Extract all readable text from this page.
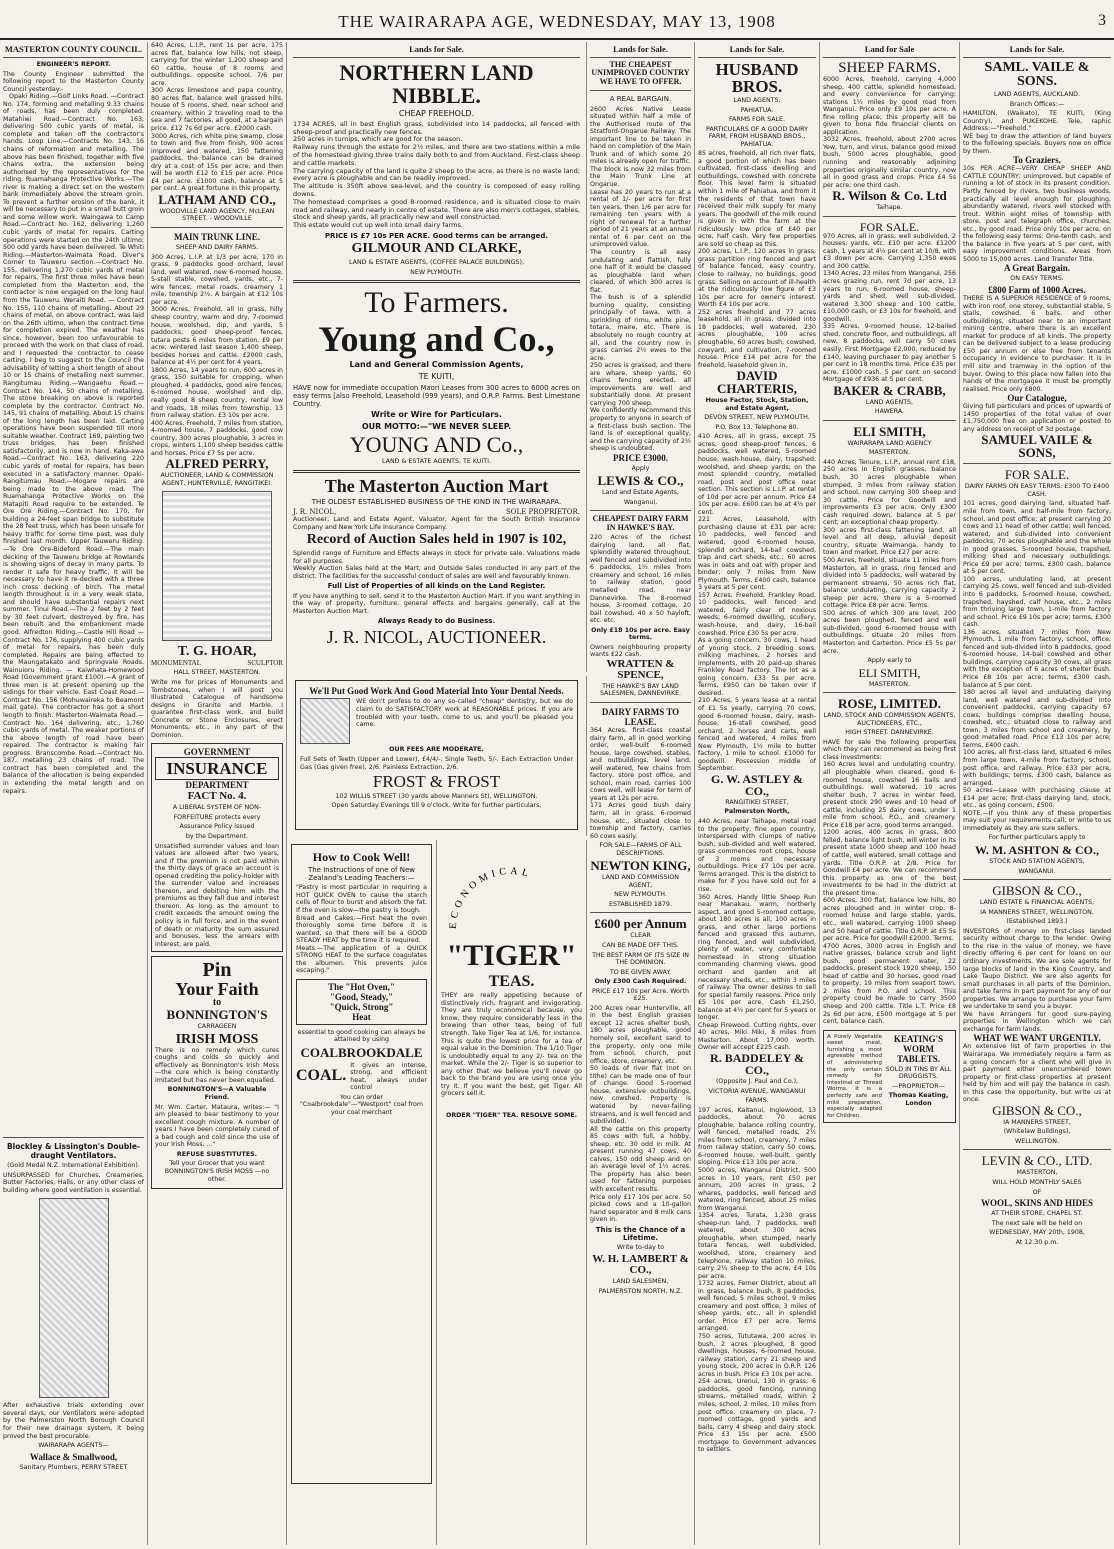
THE WAIRARAPA AGE, WEDNESDAY, MAY 13, 1908	3
MASTERTON COUNTY COUNCIL.
ENGINEER'S REPORT.
The County Engineer submitted the following report to the Masterton County Council yesterday:-
Opaki Riding.—Golf Links Road. —Contract No. 174, forming and metalling 9.33 chains of roads, has been duly completed. Matahiwi Road.—Contract No. 163, delivering 500 cubic yards of metal, is complete and taken off the contractor's hands. Loop Line.—Contracts No. 143, 16 chains of reformation and metalling. The above has been finished, together with five chains extra, the extension being authorised by the representatives for the riding. Ruamahanga Protective Works.—The river is making a direct set on the western bank immediately above the stream groin. To prevent a further erosion of the bank, it will be necessary to put in a small butt groin and some willow work. Waingawa to Camp Road.—Contract No. 162, delivering 1,260 cubic yards of metal for repairs. Carting operations were started on the 24th ultimo; 500 odd yards have been delivered. Te Whiti Riding.—Masterton-Waimata Road. Diver's Corner to Tauweru section.—Contract No. 155, delivering 1,270 cubic yards of metal for repairs. The first three miles have been completed from the Masterton end, the contractor is now engaged on the long haul from the Tauweru. Weraiti Road. — Contract No. 155, 110 chains of metalling. About 29 chains of metal, on above contract, was laid on the 26th ultimo, when the contract time for completion expired. The weather has since, however, been too unfavourable to proceed with the work on that class of road, and I requested the contractor to cease carting. I beg to suggest to the Council the advisability of letting a short length of about 10 or 15 chains of metalling next summer. Rangitumau Riding.—Wangaehu Road.—Contract No. 144, 50 chains of metalling. The stone breaking on above is reported complete by the contractor. Contract No. 145, 91 chains of metalling. About 15 chains of the long length has been laid. Carting operations have been suspended till more suitable weather. Contract 169, painting two truss bridges, has been finished satisfactorily, and is now in hand. Kaka-awa Road.—Contract No. 163, delivering 220 cubic yards of metal for repairs, has been executed in a satisfactory manner. Opaki-Rangitumau Road.—Mogare repairs are being made to the above road. The Ruamahanga Protective Works on the Matapiti Road require to be extended. Te Ore Ore Riding.—Contract No. 170, for building a 24-feet span bridge to substitute the 28 feet truss, which has been unsafe for heavy traffic for some time past, was duly finished last month. Upper Tauweru Riding.—Te Ore Ore-Bideford Road.—The main decking of the Tauweru bridge at Rowlands is showing signs of decay in many parts. To render it safe for heavy traffic, it will be necessary to have it re-decked with a three inch cross decking of birch. The metal length throughout is in a very weak state, and should have substantial repairs next summer. Tinui Road.—The 2 feet by 2 feet by 30 feet culvert, destroyed by fire, has been rebuilt and the embankment made good. Alfredton Riding.—Castle Hill Road —Contract No. 176, supplying 400 cubic yards of metal for repairs, has been duly completed. Repairs are being effected to the Maungatakato and Springvale Roads. Wainuioru Riding. — Kaiwhata-Homewood Road (Government grant £100).—A grant of three men is at present opening up the sidings for their vehicle. East Coast Road.—Contract No. 156 (Mohuwaireka to Beamont mail gate). The contractor has got a short length to finish. Masterton-Waimata Road.—Contract No. 164 delivering, etc., 1,760 cubic yards of metal. The weaker portions of the above length of road have been repaired. The contractor is making fair progress. Branscombe Road.—Contract No. 187, metalling 23 chains of road. The contract has been completed and the balance of the allocation is being expended in extending the metal length and on repairs.
Blockley & Lissington's Double-draught Ventilators.
(Gold Medal N.Z. International Exhibition).
UNSURPASSED for Churches, Creameries, Butter Factories, Halls, or any other class of building where good ventilation is essential.
After exhaustive trials extending over several days, our Ventilators were adopted by the Palmerston North Borough Council for their new drainage system, it being proved the best procurable.
WAIRARAPA AGENTS—
Wallace & Smallwood,
Sanitary Plumbers, PERRY STREET
640 Acres, L.I.P., rent 1s per acre, 175 acres flat, balance low hills, not steep, carrying for the winter 1,200 sheep and 60 cattle, house of 8 rooms and outbuildings, opposite school. 7/6 per acre.
300 Acres limestone and papa country, 80 acres flat, balance well grassed hills, house of 5 rooms, shed, near school and creamery, within 2 traveling road to the sea and 7 factories, all good, at a bargain price. £12 7s 6d per acre. £2000 cash.
3000 Acres, rich white pine swamp, close to town and five from finish, 900 acres improved and watered, 150 fattening paddocks, the balance can be drained dry at a cost of 15s per acre, and then will be worth £12 to £15 per acre. Price £4 per acre. £1000 cash, balance at 5 per cent. A great fortune in this property.
LATHAM AND CO.,
WOODVILLE LAND AGENCY, McLEAN STREET. - WOODVILLE
MAIN TRUNK LINE.
SHEEP AND DAIRY FARMS.
300 Acres, L.I.P. at 1/3 per acre, 170 in grass, 9 paddocks good orchard, level land, well watered, new 6-roomed house, 5-stall stable, cowshed, yards, etc., 7-wire fences, metal roads, creamery 1 mile, township 2½. A bargain at £12 10s per acre.
3000 Acres, Freehold, all in grass, hilly sheep country, warm and dry, 7-roomed house, woolshed, dip, and yards, 5 paddocks, good sheep-proof fences, tutara posts 6 miles from station, £9 per acre; wintered last season 1,400 sheep, besides horses and cattle. £2000 cash, balance at 4½ per cent for 4 years.
1800 Acres, 14 years to run, 600 acres in grass, 150 suitable for cropping, when ploughed, 4 paddocks, good wire fences, 6-roomed house, woolshed and dip, really good 8 sheep country, rental low and roads, 18 miles from township, 13 from railway station. £3 10s per acre.
400 Acres, Freehold, 7 miles from station, 4-roomed house, 7 paddocks, good cow country, 300 acres ploughable, 3 acres in crops, winters 1,100 sheep besides cattle and horses. Price £7 5s per acre.
ALFRED PERRY,
AUCTIONEER, LAND & COMMISSION AGENT, HUNTERVILLE, RANGITIKEI.
T. G. HOAR,
MONUMENTAL	SCULPTOR
HALL STREET, MASTERTON.
Write me for prices of Monuments and Tombstones, when I will post you Illustrated Catalogue of handsome designs in Granite and Marble. I guarantee first-class work, and build Concrete or Stone Enclosures, erect Monuments, etc., in any part of the Dominion.
GOVERNMENT
INSURANCE
DEPARTMENT
FACT No. 4.
A LIBERAL SYSTEM OF NON-
FORFEITURE protects every
Assurance Policy issued
by the Department.
Unsatisfied surrender values and loan values are allowed after two years, and if the premium is not paid within the thirty days of grace an account is opened crediting the policy-holder with the surrender value and increases thereon, and debiting him with the premiums as they fall due and interest thereon. As long as the amount to credit exceeds the amount owing the policy is in full force, and in the event of death or maturity the sum assured and bonuses, less the arrears with interest, are paid.
Pin
Your Faith
to
BONNINGTON'S
CARRAGEEN
IRISH MOSS
There is no remedy which cures coughs and colds so quickly and effectively as Bonnington's Irish Moss—the cure which is being constantly imitated but has never been equalled.
BONNINGTON'S—A Valuable Friend.
Mr. Wm. Carter, Mataura, writes:— "I am pleased to bear testimony to your excellent cough mixture. A number of years I have been completely cured of a bad cough and cold since the use of your Irish Moss. ..."
REFUSE SUBSTITUTES.
Tell your Grocer that you want BONNINGTON'S IRISH MOSS —no other.
Lands for Sale.
NORTHERN LAND NIBBLE.
CHEAP FREEHOLD.
1734 ACRES, all in best English grass, subdivided into 14 paddocks, all fenced with sheep-proof and practically new fences.
250 acres in turnips, which are good for the season.
Railway runs through the estate for 2½ miles, and there are two stations within a mile of the homestead giving three trains daily both to and from Auckland. First-class sheep and cattle markets.
The carrying capacity of the land is quite 2 sheep to the acre, as there is no waste land; every acre is ploughable and can be readily improved.
The altitude is 350ft above sea-level, and the country is composed of easy rolling downs.
The homestead comprises a good 8-roomed residence, and is situated close to main road and railway, and nearly in centre of estate. There are also men's cottages, stables, stock and sheep yards, all practically new and well constructed.
This estate would cut up well into small dairy farms.
PRICE IS £7 10s PER ACRE. Good terms can be arranged.
GILMOUR AND CLARKE,
LAND & ESTATE AGENTS, (COFFEE PALACE BUILDINGS),
NEW PLYMOUTH.
To Farmers.
Young and Co.,
Land and General Commission Agents,
TE KUITI,
HAVE now for immediate occupation Maori Leases from 300 acres to 6000 acres on easy terms [also Freehold, Leasehold (999 years), and O.R.P. Farms. Best Limestone Country.
Write or Wire for Particulars.
OUR MOTTO:—"WE NEVER SLEEP.
YOUNG AND Co.,
LAND & ESTATE AGENTS, TE KUITI.
The Masterton Auction Mart
THE OLDEST ESTABLISHED BUSINESS OF THE KIND IN THE WAIRARAPA.
J. R. NICOL,	SOLE PROPRIETOR.
Auctioneer, Land and Estate Agent, Valuator, Agent for the South British Insurance Company and New York Life Insurance Company.
Record of Auction Sales held in 1907 is 102,
Splendid range of Furniture and Effects always in stock for private sale. Valuations made for all purposes.
Weekly Auction Sales held at the Mart, and Outside Sales conducted in any part of the district. The facilities for the successful conduct of sales are well and favourably known.
Full List of Properties of all kinds on the Land Register.
If you have anything to sell, send it to the Masterton Auction Mart. If you want anything in the way of property, furniture, general effects and bargains generally, call at the Masterton Auction Mart.
Always Ready to do Business.
J. R. NICOL, AUCTIONEER.
We'll Put Good Work And Good Material Into Your Dental Needs.
WE don't profess to do any so-called "cheap" dentistry, but we do claim to do SATISFACTORY work at REASONABLE prices. If you are troubled with your teeth, come to us, and you'll be pleased you came.
OUR FEES ARE MODERATE.
Full Sets of Teeth (Upper and Lower), £4/4/-. Single Teeth, 5/-. Each Extraction Under Gas (Gas given free), 2/6. Painless Extraction, 2/6.
FROST & FROST
102 WILLIS STREET (30 yards above Manners St), WELLINGTON.
Open Saturday Evenings till 9 o'clock. Write for further particulars.
How to Cook Well!
The Instructions of one of New Zealand's Leading Teachers:—
"Pastry is most particular in requiring a HOT QUICK OVEN to cause the starch cells of flour to burst and absorb the fat. If the oven is slow—the pastry is tough.
Bread and Cakes.—First heat the oven thoroughly some time before it is wanted, so that there will be a GOOD STEADY HEAT by the time it is required.
Meats.—The application of a QUICK STRONG HEAT to the surface coagulates the albumen. This prevents juice escaping."
The "Hot Oven,"
"Good, Steady,"
"Quick, Strong"
Heat
essential to good cooking can always be attained by using
COALBROOKDALE
COAL.
It gives an intense, strong, and efficient heat, always under control
You can order "Coalbrookdale"—"Westport" coal from your coal merchant
ECONOMICAL
"TIGER"
TEAS.
THEY are really appetising because of distinctively rich, fragrant and invigorating. They are truly economical because, you know, they require considerably less in the brewing than other teas, being of full strength. Take Tiger Tea at 1/6, for instance. This is quite the lowest price for a tea of equal value in the Dominion. The 1/10 Tiger is undoubtedly equal to any 2/- tea on the market. While the 2/- Tiger is so superior to any other that we believe you'll never go back to the brand you are using once you try it. If you want the best, get Tiger. All grocers sell it.
ORDER "TIGER" TEA. RESOLVE SOME.
Lands for Sale.
THE CHEAPEST UNIMPROVED COUNTRY WE HAVE TO OFFER.
A REAL BARGAIN.
2600 Acres Native Lease situated within half a mile of the Authorised route of the Stratford-Ongarue Railway. The important line to be taken in hand on completion of the Main Trunk and of which some 20 miles is already open for traffic. The block is now 32 miles from the Main Trunk Line at Ongarue.
Lease has 20 years to run at a rental of 1/- per acre for first ten years, then 1/6 per acre for remaining ten years with a right of renewal for a further period of 21 years at an annual rental of 6 per cent on the unimproved value.
The country is all easy undulating and flattish, fully one half of it would be classed as ploughable land when cleared, of which 300 acres is flat.
The bush is of a splendid burning quality, consisting principally of tawa, with a sprinkling of rimu, white pine, totara, maire, etc. There is absolutely no rough country at all, and the country now in grass carries 2½ ewes to the acre.
250 acres is grassed, and there are whare, sheep yards, 60 chains fencing erected, all improvements are well and substantially done. At present carrying 700 sheep.
We confidently recommend this property to anyone in search of a first-class bush section. The land is of exceptional quality, and the carrying capacity of 2½ sheep is undoubted.
PRICE £3000.
Apply
LEWIS & CO.,
Land and Estate Agents,
Wanganui,
CHEAPEST DAIRY FARM IN HAWKE'S BAY.
220 Acres of the richest dairying land, all flat, splendidly watered throughout, well fenced and subdivided into 6 paddocks, 1½ miles from creamery and school, 16 miles to railway station, good metalled road, near Dannevirke. The 8-roomed house, 3-roomed cottage, 20 bail cowshed, 40 x 50 hayloft, etc. etc.
Only £18 10s per acre. Easy terms.
Owners neighbouring property wants £22 cash.
WRATTEN & SPENCE,
THE HAWKE'S BAY LAND SALESMEN, DANNEVIRKE.
DAIRY FARMS TO LEASE.
364 Acres, first-class coastal dairy farm, all in good working order, well-built 6-roomed house, large cowshed, stables, and outbuildings, level land, well watered, few chains from factory, store post office, and school, main road, carries 100 cows well, will lease for term of years at 12s per acre.
171 Acres good bush dairy farm, all in grass, 6-roomed house, etc., situated close to township and factory, carries 60 cows easily.
FOR SALE—FARMS OF ALL DESCRIPTIONS.
NEWTON KING,
LAND AND COMMISSION AGENT,
NEW PLYMOUTH.
ESTABLISHED 1879.
£600 per Annum
CLEAR
CAN BE MADE OFF THIS.
THE BEST FARM OF ITS SIZE IN THE DOMINION.
TO BE GIVEN AWAY.
Only £300 Cash Required.
PRICE £17 10s per Acre. Worth £25.
200 Acres near Hunterville, all in the best English grasses except 12 acres shelter bush, 180 acres ploughable, good homely soil, excellent sand to the property, only one mile from school, church, post office, store, creamery, etc.
50 loads of river flat (not on tithe) can be made one of four of change. Good 5-roomed house, extensive outbuildings, new cowshed. Property is watered by never-failing streams, and is well fenced and subdivided.
All the cattle on this property 85 cows with full, a hobby, sheep, etc. 30 odd in milk. At present running 47 cows, 40 calves, 150 odd sheep and on an average level of 1½ acres. The property has also been used for fattening purposes with excellent results.
Price only £17 10s per acre. 50 picked cows and a 10-gallon hand separator and 8 milk cans given in.
This is the Chance of a Lifetime.
Write to-day to
W. H. LAMBERT & CO.,
LAND SALESMEN,
PALMERSTON NORTH, N.Z.
Lands for Sale.
HUSBAND BROS.
LAND AGENTS,
PAHIATUA.
FARMS FOR SALE.
PARTICULARS OF A GOOD DAIRY FARM, FROM HUSBAND BROS., PAHIATUA.
85 acres, freehold, all rich river flats, a good portion of which has been cultivated, first-class dwelling and outbuildings, cowshed with concrete floor. This level farm is situated within 1 mile of Pahiatua, and from it the residents of that town have received their milk supply for many years. The goodwill of the milk round is given in with the farm at the ridiculously low price of £40 per acre, half cash. Very few properties are sold so cheap as this.
200 acres, L.I.P., 120 acres in grass, grass partition ring fenced and part of balance fenced, easy country, close to railway, no buildings, good grass. Selling on account of ill-health at the ridiculously low figure of £3 10s per acre for owner's interest. Worth £4 10s per acre.
252 acres freehold and 77 acres leasehold, all in grass, divided into 18 paddocks, well watered, 230 acres ploughable, 100 acres ploughable, 60 acres bush, cowshed, cowyard, and cultivation, 7-roomed house. Price £14 per acre for the freehold, leasehold given in.
DAVID CHARTERIS,
House Factor, Stock, Station, and Estate Agent,
DEVON STREET, NEW PLYMOUTH.
P.O. Box 13. Telephone 80.
410 Acres, all in grass, except 75 acres, good sheep-proof fences, 6 paddocks, well watered, 5-roomed house, wash-house, dairy, trapshed, woolshed, and sheep yards; on the most splendid country, metalled road, post and post office near section. This section is L.I.P. at rental of 10d per acre per annum. Price £4 10s per acre. £600 can be at 4½ per cent.
221 Acres, Leasehold, with purchasing clause at £31 per acre; 10 paddocks, well fenced and watered, good 6-roomed house, splendid orchard, 14-bail cowshed, trap and cart sheds, etc.; 60 acres was in oats and oat with proper and binder; only 7 miles from New Plymouth. Terms, £400 cash, balance 3 years at 5 per cent.
157 Acres, Freehold, Frankley Road, 10 paddocks, well fenced and watered, fairly clear of noxious weeds; 6-roomed dwelling, scullery, wash-house, and dairy, 16-bail cowshed. Price £30 5s per acre.
As a going concern, 30 cows, 1 head of young stock, 2 breeding sows, milking machines, 2 horses and implements, with 20 paid-up shares Frankley Road factory. The lot as a going concern, £33 5s per acre. Terms, £950 can be taken over if desired.
210 Acres, 5 years lease at a rental of £1 5s yearly, carrying 70 cows, good 6-roomed house, dairy, wash-house, 16-stall cowshed, good orchard, 2 horses and carts, well fenced and watered, 4 miles from New Plymouth, 1½ mile to butter factory, 1 mile to school. £1000 for goodwill. Possession middle of September.
G. W. ASTLEY & CO.,
RANGITIKEI STREET,
Palmerston North,
440 Acres, near Taihape, metal road to the property, fine open country, interspersed with clumps of native bush, sub-divided and well watered, grass commences root crops, house of 3 rooms and necessary outbuildings. Price £7 10s per acre. Terms arranged. This is the district to make for if you have sold out for a rise.
360 Acres, Handy little Sheep Run near Manakau, warm, northerly aspect, and good 5-roomed cottage, about 180 acres is all, 100 acres in grass, and other large portions fenced and grassed this autumn, ring fenced, and well subdivided, plenty of water, very comfortable homestead in strong situation commanding charming views, good orchard and garden and all necessary sheds, etc., within 3 miles of railway. The owner desires to sell for special family reasons. Price only £5 10s per acre. Cash £1,250, balance at 4½ per cent for 5 years or longer.
Cheap Firewood. Cutting rights, over 40 acres, Miki Miki, 8 miles from Masterton. About 17,000 worth. Owner will accept £225 cash.
R. BADDELEY & CO.,
(Opposite J. Paul and Co.),
VICTORIA AVENUE, WANGANUI
FARMS.
197 acres, Kaitanui, Inglewood, 13 paddocks, about 70 acres ploughable, balance rolling country, well fenced, metalled roads, 2½ miles from school, creamery, 7 miles from railway station, carry 50 cows, 6-roomed house, well-built, gently sloping. Price £13 10s per acre.
5000 acres, Wanganui District, 500 acres in 10 years, rent £50 per annum, 200 acres in grass, 2 whares, paddocks, well fenced and watered, ring fenced, about 25 miles from Wanganui.
1354 acres, Turata, 1,230 grass sheep-run land, 7 paddocks, well watered, about 300 acres ploughable, when stumped, nearly totara fences, well subdivided, woolshed, store, creamery and telephone, railway station 10 miles, carry 2¼ sheep to the acre, £4 10s per acre.
1732 acres, Ferner District, about all in grass, balance bush, 8 paddocks, well fenced, 5 miles school, 9 miles creamery and post office, 3 miles of sheep yards, etc., all in splendid order. Price £7 per acre. Terms arranged.
750 acres, Tututawa, 200 acres in bush, 2 acres ploughed, 8 good dwellings, houses, 6-roomed house, railway station, carry 21 sheep and young stock, 200 acres in O.R.P. 126 acres in bush. Price £3 10s per acre.
254 acres, Urenui, 130 in grass, 6 paddocks, good fencing, running streams, metalled roads, within 2 miles, school, 2 miles, 10 miles from post office, creamery on place, 7-roomed cottage, good yards and bails, carry 4 sheep and dairy stock. Price £3 15s per acre. £500 mortgage to Government advances to settlers.
Land for Sale
SHEEP FARMS.
6000 Acres, freehold, carrying 4,000 sheep, 400 cattle, splendid homestead, and every convenience for carrying; stations 1½ miles by good road from Wanganui. Price only £9 10s per acre. A fine rolling place; this property will be given to bona fide financial clients on application.
3032 Acres, freehold, about 2700 acres Yew, turn, and virus, balance good mixed bush, 5000 acres ploughable, good running and reasonably adjoining properties originally similar country, now all in good grass and crops. Price £4 5s per acre; one third cash.
R. Wilson & Co. Ltd
Taihape.
FOR SALE.
970 Acres, all in grass, well subdivided, 2 houses, yards, etc. £10 per acre. £1200 cash, 1 years at 4½ per cent at 10/8, with £3 down per acre. Carrying 1,350 ewes and 300 cattle.
1340 Acres, 23 miles from Wanganui, 256 acres grazing run, rent 7d per acre, 13 years to run, 6-roomed house, sheep-yards and shed, well sub-divided, watered 3,300 sheep and 100 cattle, £10,000 cash, or £3 10s for freehold, and goodwill.
335 Acres, 9-roomed house, 12-bailed shed, concrete floor, and outbuildings, all new, 8 paddocks, will carry 50 cows easily. First Mortgage £2,000, reduced by £140, leaving purchaser to pay another 5 per cent in 18 months time. Price £35 per acre. £1000 cash. 5 per cent on second Mortgage of £936 at 5 per cent.
BAKER & CRABB,
LAND AGENTS,
HAWERA.
ELI SMITH,
WAIRARAPA LAND AGENCY
MASTERTON.
440 Acres, Tenure, L.I.P., annual rent £18, 250 acres in English grasses, balance bush, 30 acres ploughable when stumped, 3 miles from railway station and school, now carrying 300 sheep and 30 cattle. Price for Goodwill and improvements £3 per acre. Only £300 cash required down, balance at 5 per cent; an exceptional cheap property.
300 acres first-class fattening land, all level and all deep, alluvial deposit country, situate Waimanga, handy to town and market. Price £27 per acre.
500 Acres, freehold, situate 11 miles from Masterton, all in grass, ring fenced and divided into 5 paddocks, well watered by permanent streams, 50 acres rich flat, balance undulating, carrying capacity 2 sheep per acre, there is a 5-roomed cottage. Price £8 per acre. Terms.
500 acres of which 300 are level, 200 acres been ploughed, fenced and well sub-divided, good 6-roomed house with outbuildings, situate 20 miles from Masterton and Carterton. Price £5 5s per acre.
Apply early to
ELI SMITH,
MASTERTON.
ROSE, LIMITED.
LAND, STOCK AND COMMISSION AGENTS, AUCTIONEERS, ETC.,
HIGH STREET. DANNEVIRKE.
HAVE for sale the following properties which they can recommend as being first class investments:
160 Acres level and undulating country, all ploughable when cleared, good 6-roomed house, cowshed 16 bails and outbuildings, well watered, 10 acres shelter bush, 7 acres in winter feed, present stock 290 ewes and 10 head of cattle, including 25 dairy cows, under 1 mile from school, P.O., and creamery. Price £18 per acre, good terms arranged.
1200 acres, 400 acres in grass, 800 felled, balance light bush, will winter in its present state 1000 sheep and 100 head of cattle, well watered, small cottage and yards. Title O.R.P. at 2/8. Price for Goodwill £4 per acre. We can recommend this property as one of the best investments to be had in the district at the present time.
600 Acres, 300 flat, balance low hills, 80 acres ploughed and in winter crop, 8-roomed house and large stable, yards, etc., well watered, carrying 1000 sheep and 50 head of cattle. Title O.R.P. at £5 5s per acre. Price for goodwill £2000. Terms.
4700 Acres, 3000 acres in English and native grasses, balance scrub and light bush, good permanent water, 22 paddocks, present stock 1920 sheep, 150 head of cattle and 30 horses, good road to property, 19 miles from seaport town, 2 miles from P.O. and school. This property could be made to carry 3500 sheep and 200 cattle. Title L.T. Price £8 2s 6d per acre, £500 mortgage at 5 per cent, balance cash.
A Purely Vegetable sweet meat, furnishing a most agreeable method of administering the only certain remedy for Intestinal or Thread Worms. It is a perfectly safe and mild preparation, especially adapted for Children.
KEATING'S
WORM
TABLETS.
SOLD IN TINS BY ALL DRUGGISTS.
—PROPRIETOR—
Thomas Keating, London
Lands for Sale.
SAML. VAILE & SONS.
LAND AGENTS, AUCKLAND.
Branch Offices:—
HAMILTON, (Waikato), TE KUITI, (King Country), and PUKEKOHE. Tele, raphic Address:—"Freehold."
WE beg to draw the attention of land buyers to the following specials. Buyers now on office by them.
To Graziers.
10s PER ACRE—VERY CHEAP SHEEP AND CATTLE COUNTRY; unimproved, but capable of running a lot of stock in its present condition. Partly fenced by rivers, two business woods, practically all level enough for ploughing, abundantly watered, rivers well stocked with trout. Within eight miles of township with store, post and telegraph office, churches, etc., by good road. Price only 10s per acre, on the following easy terms: One-tenth cash, and the balance in five years at 5 per cent, with easy improvement conditions. Areas from 5000 to 15,000 acres. Land Transfer Title.
A Great Bargain.
ON EASY TERMS.
£800 Farm of 1000 Acres.
THERE IS A SUPERIOR RESIDENCE of 9 rooms, with iron roof, one storey, substantial stable, 5 stalls, cowshed, 6 bails, and other outbuildings, situated near to an important mining centre, where there is an excellent market for produce of all kinds. The property can be delivered subject to a lease producing £50 per annum or else free from tenants occupancy in evidence to purchaser. It is in mill site and tramway in the option of the buyer. Owing to this place now fallen into the hands of the mortgagee it must be promptly realised. Price only £800.
Our Catalogue,
Giving full particulars and prices of upwards of 1450 properties of the total value of over £1,750,000 free on application or posted to any address on receipt of 3d postage.
SAMUEL VAILE & SONS,
FOR SALE.
DAIRY FARMS ON EASY TERMS. £300 TO £400 CASH.
101 acres, good dairying land, situated half-mile from town, and half-mile from factory, school, and post office; at present carrying 20 cows and 11 head of other cattle; well fenced, watered, and sub-divided into convenient paddocks, 70 acres ploughable and the whole in good grasses, 5-roomed house, trapshed, milking shed and necessary outbuildings. Price £9 per acre; terms, £300 cash, balance at 5 per cent.
100 acres, undulating land, at present carrying 25 cows, well fenced and sub-divided into 6 paddocks, 5-roomed house, cowshed, trapshed, hayshed, calf house, etc., 2 miles from thriving large town, 1-mile from factory and school. Price £9 10s per acre; terms, £300 cash.
136 acres, situated 7 miles from New Plymouth, 1 mile from factory, school, office, fenced and sub-divided into 8 paddocks, good 6-roomed house, 14-bail cowshed and other buildings, carrying capacity 30 cows, all grass with the exception of 6 acres of shelter bush. Price £8 10s per acre; terms, £300 cash, balance at 5 per cent.
180 acres all level and undulating dairying land, well watered and sub-divided into convenient paddocks, carrying capacity 67 cows; buildings comprise dwelling house, cowshed, etc.; situated close to railway and town, 3 miles from school and creamery, by good metalled road. Price £13 10s per acre; terms, £400 cash.
100 acres, all first-class land, situated 6 miles from large town, 4-mile from factory, school, post office, and railway. Price £33 per acre, with buildings; terms, £300 cash, balance as arranged.
50 acres—Lease with purchasing clause at £14 per acre; first-class dairying land, stock, etc., as going concern, £500.
NOTE.—If you think any of these properties may suit your requirements call, or write to us immediately as they are sure sellers.
For further particulars apply to
W. M. ASHTON & CO.,
STOCK AND STATION AGENTS,
WANGANUI.
GIBSON & CO.,
LAND ESTATE & FINANCIAL AGENTS,
IA MANNERS STREET, WELLINGTON.
(Established 1893.)
INVESTORS of money on first-class landed security without charge to the lender. Owing to the rise in the value of money, we have directly offering 6 per cent for loans on our ordinary investments. We are sole agents for large blocks of land in the King Country, and Lake Taupo District. We are also agents for small purchases in all parts of the Dominion, and take farms in part payment for any of our properties. We arrange to purchase your farm we undertake to send you a buyer.
We have Arrangers for good sure-paying properties in Wellington which we can exchange for farm lands.
WHAT WE WANT URGENTLY.
An extensive list of farm properties in the Wairarapa. We immediately require a farm as a going concern for a client who will give in part payment either unencumbered town property or first-class properties at present held by him and will pay the balance in cash. In this case the opportunity, but write us at once.
GIBSON & CO.,
IA MANNERS STREET,
(Whitelaw Buildings),
WELLINGTON.
LEVIN & CO., LTD.
MASTERTON,
WILL HOLD MONTHLY SALES
OF
WOOL, SKINS AND HIDES
AT THEIR STORE, CHAPEL ST.
The next sale will be held on
WEDNESDAY, MAY 20th, 1908,
At 12.30 p.m.
